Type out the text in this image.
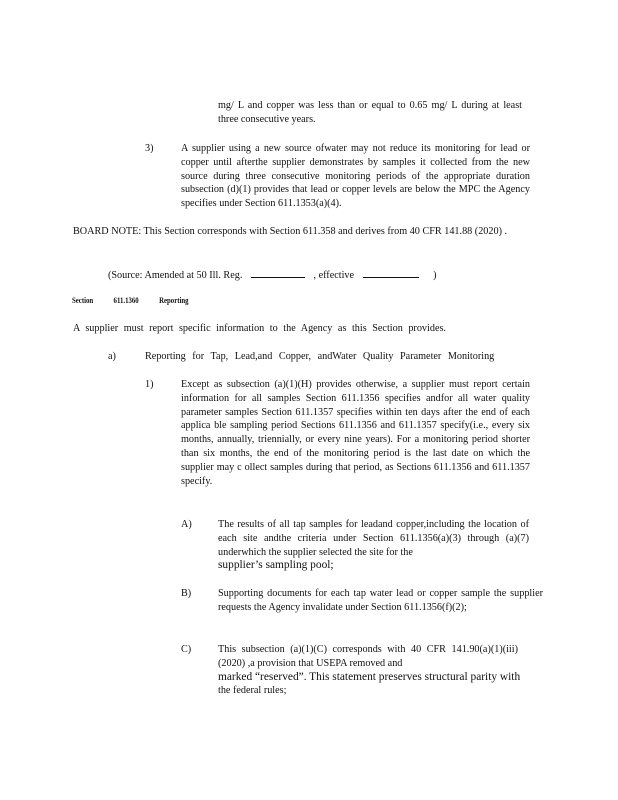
mg/ L and copper was less than or equal to 0.65 mg/ L during at least three consecutive years.

3)	A supplier using a new source ofwater may not reduce its monitoring for lead or copper until afterthe supplier demonstrates by samples it collected from the new source during three consecutive monitoring periods of the appropriate duration subsection (d)(1) provides that lead or copper levels are below the MPC the Agency specifies under Section 611.1353(a)(4).

BOARD NOTE: This Section corresponds with Section 611.358 and derives from 40 CFR 141.88 (2020) .

(Source: Amended at 50 Ill. Reg.	, effective	)
Section	611.1360	Reporting

A supplier must report specific information to the Agency as this Section provides.

a)	Reporting for Tap, Lead,and Copper, andWater Quality Parameter Monitoring

1)	Except as subsection (a)(1)(H) provides otherwise, a supplier must report certain information for all samples Section 611.1356 specifies andfor all water quality parameter samples Section 611.1357 specifies within ten days after the end of each applica ble sampling period Sections 611.1356 and 611.1357 specify(i.e., every six months, annually, triennially, or every nine years). For a monitoring period shorter than six months, the end of the monitoring period is the last date on which the supplier may c ollect samples during that period, as Sections 611.1356 and 611.1357 specify.

A)	The results of all tap samples for leadand copper,including the location of each site andthe criteria under Section 611.1356(a)(3) through (a)(7) underwhich the supplier selected the site for the
supplier’s sampling pool;
B)	Supporting documents for each tap water lead or copper sample the supplier requests the Agency invalidate under Section 611.1356(f)(2);

C)	This subsection (a)(1)(C) corresponds with 40 CFR 141.90(a)(1)(iii) (2020) ,a provision that USEPA removed and
marked “reserved”. This statement preserves structural parity with
the federal rules;
